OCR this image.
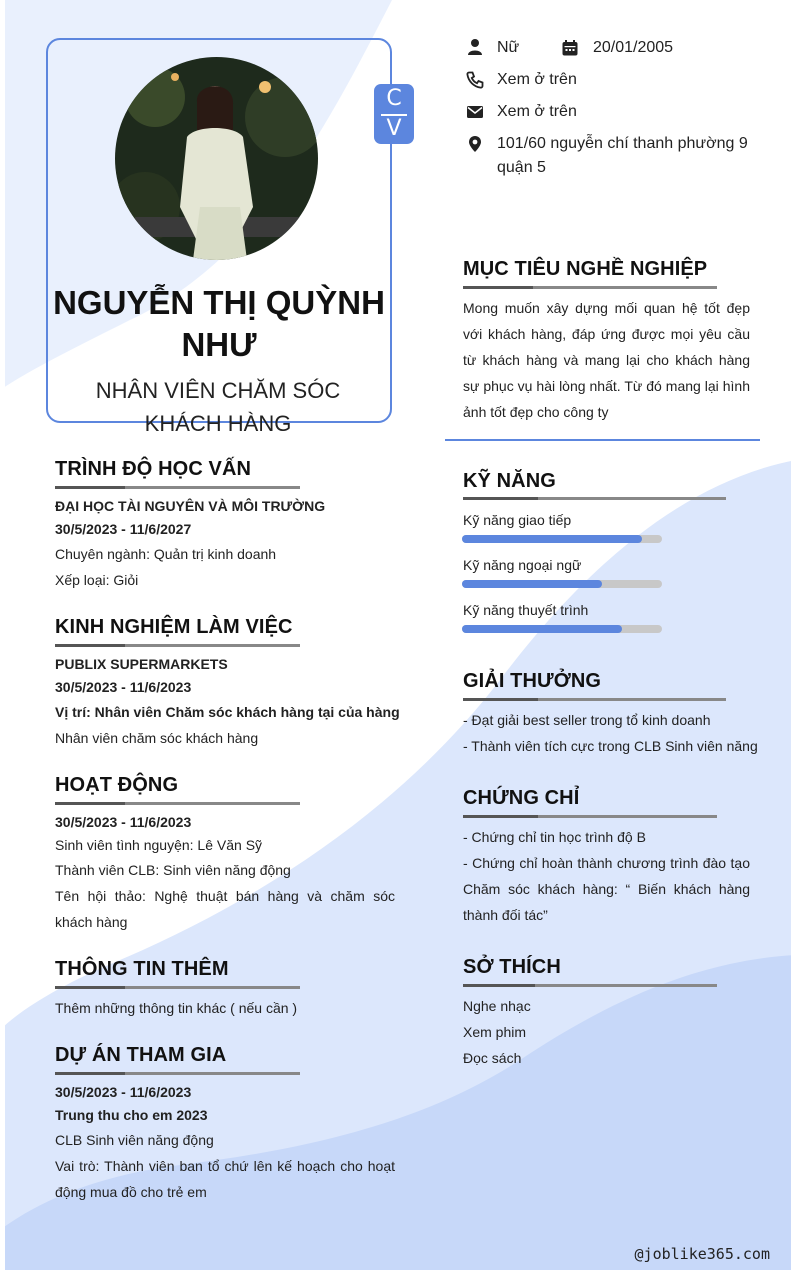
C
V
NGUYỄN THỊ QUỲNH NHƯ
NHÂN VIÊN CHĂM SÓC KHÁCH HÀNG
Nữ	20/01/2005
Xem ở trên
Xem ở trên
101/60 nguyễn chí thanh phường 9 quận 5
MỤC TIÊU NGHỀ NGHIỆP
Mong muốn xây dựng mối quan hệ tốt đẹp với khách hàng, đáp ứng được mọi yêu cầu từ khách hàng và mang lại cho khách hàng sự phục vụ hài lòng nhất. Từ đó mang lại hình ảnh tốt đẹp cho công ty
TRÌNH ĐỘ HỌC VẤN
ĐẠI HỌC TÀI NGUYÊN VÀ MÔI TRƯỜNG
30/5/2023 - 11/6/2027
Chuyên ngành: Quản trị kinh doanh
Xếp loại: Giỏi
KINH NGHIỆM LÀM VIỆC
PUBLIX SUPERMARKETS
30/5/2023 - 11/6/2023
Vị trí: Nhân viên Chăm sóc khách hàng tại của hàng
Nhân viên chăm sóc khách hàng
HOẠT ĐỘNG
30/5/2023 - 11/6/2023
Sinh viên tình nguyện: Lê Văn Sỹ
Thành viên CLB: Sinh viên năng động
Tên hội thảo: Nghệ thuật bán hàng và chăm sóc khách hàng
THÔNG TIN THÊM
Thêm những thông tin khác ( nếu cần )
DỰ ÁN THAM GIA
30/5/2023 - 11/6/2023
Trung thu cho em 2023
CLB Sinh viên năng động
Vai trò: Thành viên ban tổ chứ lên kế hoạch cho hoạt động mua đồ cho trẻ em
KỸ NĂNG
Kỹ năng giao tiếp
Kỹ năng ngoại ngữ
Kỹ năng thuyết trình
GIẢI THƯỞNG
- Đạt giải best seller trong tổ kinh doanh
- Thành viên tích cực trong CLB Sinh viên năng
CHỨNG CHỈ
- Chứng chỉ tin học trình độ B
- Chứng chỉ hoàn thành chương trình đào tạo Chăm sóc khách hàng: “ Biến khách hàng thành đối tác”
SỞ THÍCH
Nghe nhạc
Xem phim
Đọc sách
@joblike365.com
